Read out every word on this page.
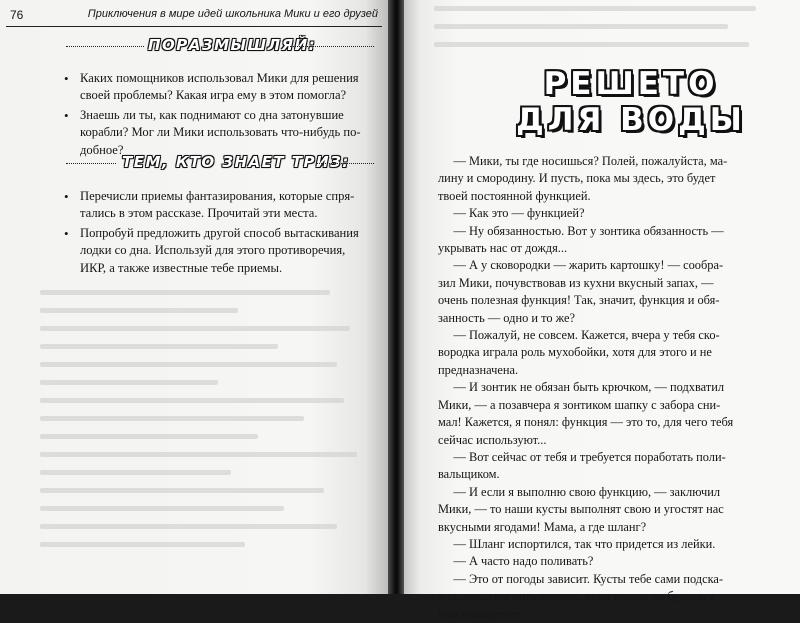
76	Приключения в мире идей школьника Мики и его друзей
ПОРАЗМЫШЛЯЙ:
• Каких помощников использовал Мики для решения
своей проблемы? Какая игра ему в этом помогла?
• Знаешь ли ты, как поднимают со дна затонувшие
корабли? Мог ли Мики использовать что-нибудь по-
добное?
ТЕМ, КТО ЗНАЕТ ТРИЗ:
• Перечисли приемы фантазирования, которые спря-
тались в этом рассказе. Прочитай эти места.
• Попробуй предложить другой способ вытаскивания
лодки со дна. Используй для этого противоречия,
ИКР, а также известные тебе приемы.
РЕШЕТО
ДЛЯ ВОДЫ

— Мики, ты где носишься? Полей, пожалуйста, ма-

лину и смородину. И пусть, пока мы здесь, это будет

твоей постоянной функцией.

— Как это — функцией?

— Ну обязанностью. Вот у зонтика обязанность —

укрывать нас от дождя...

— А у сковородки — жарить картошку! — сообра-

зил Мики, почувствовав из кухни вкусный запах, —

очень полезная функция! Так, значит, функция и обя-

занность — одно и то же?

— Пожалуй, не совсем. Кажется, вчера у тебя ско-

вородка играла роль мухобойки, хотя для этого и не

предназначена.

— И зонтик не обязан быть крючком, — подхватил

Мики, — а позавчера я зонтиком шапку с забора сни-

мал! Кажется, я понял: функция — это то, для чего тебя

сейчас используют...

— Вот сейчас от тебя и требуется поработать поли-

вальщиком.

— И если я выполню свою функцию, — заключил

Мики, — то наши кусты выполнят свою и угостят нас

вкусными ягодами! Мама, а где шланг?

— Шланг испортился, так что придется из лейки.

— А часто надо поливать?

— Это от погоды зависит. Кусты тебе сами подска-

жут, когда им пить хочется, если только ты будешь к

ним внимателен.
